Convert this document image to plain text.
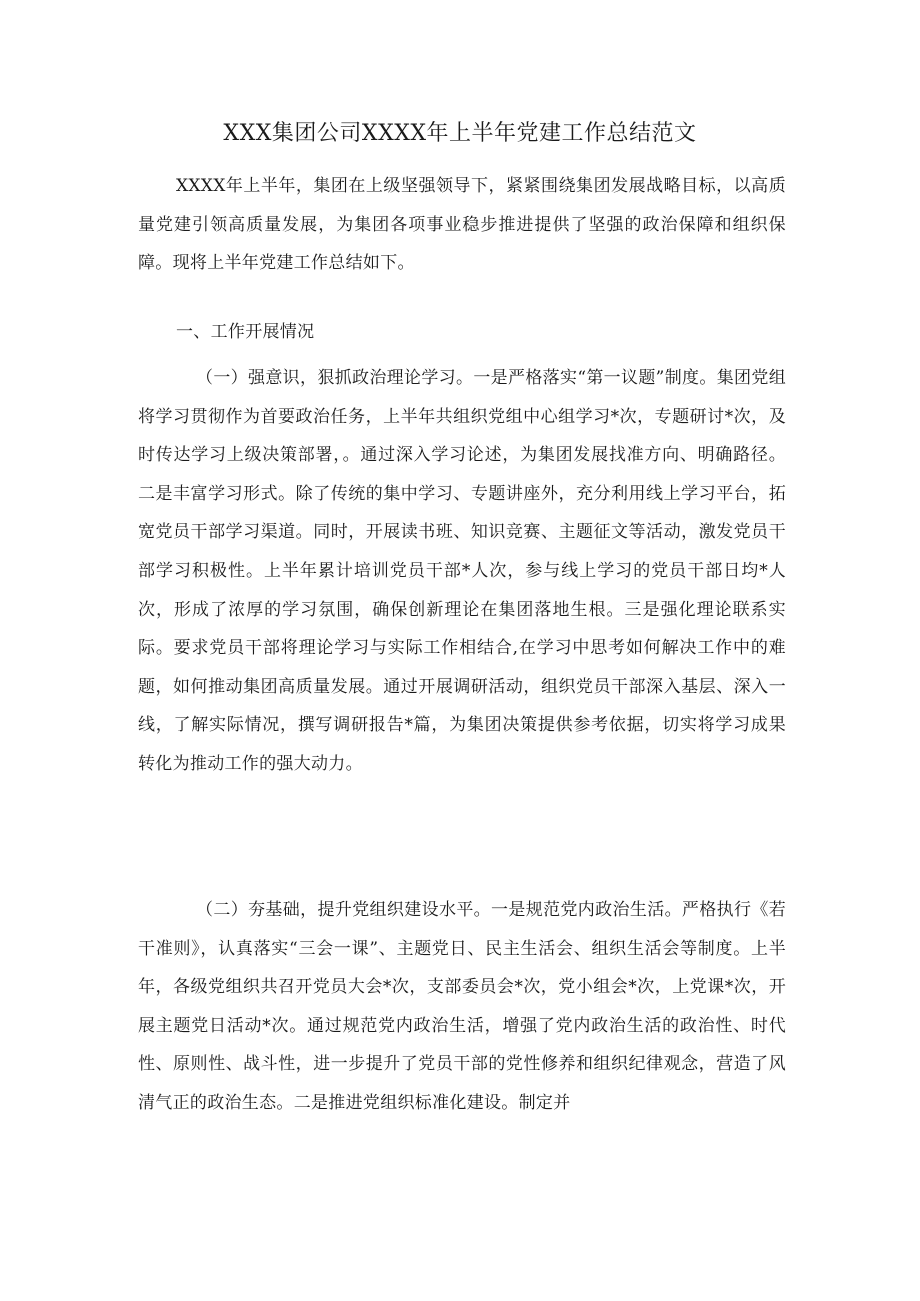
XXX集团公司XXXX年上半年党建工作总结范文

XXXX年上半年，集团在上级坚强领导下，紧紧围绕集团发展战略目标，以高质量党建引领高质量发展，为集团各项事业稳步推进提供了坚强的政治保障和组织保障。现将上半年党建工作总结如下。

一、工作开展情况

（一）强意识，狠抓政治理论学习。一是严格落实“第一议题”制度。集团党组将学习贯彻作为首要政治任务，上半年共组织党组中心组学习*次，专题研讨*次，及时传达学习上级决策部署，。通过深入学习论述，为集团发展找准方向、明确路径。二是丰富学习形式。除了传统的集中学习、专题讲座外，充分利用线上学习平台，拓宽党员干部学习渠道。同时，开展读书班、知识竞赛、主题征文等活动，激发党员干部学习积极性。上半年累计培训党员干部*人次，参与线上学习的党员干部日均*人次，形成了浓厚的学习氛围，确保创新理论在集团落地生根。三是强化理论联系实际。要求党员干部将理论学习与实际工作相结合,在学习中思考如何解决工作中的难题，如何推动集团高质量发展。通过开展调研活动，组织党员干部深入基层、深入一线，了解实际情况，撰写调研报告*篇，为集团决策提供参考依据，切实将学习成果转化为推动工作的强大动力。

（二）夯基础，提升党组织建设水平。一是规范党内政治生活。严格执行《若干准则》，认真落实“三会一课”、主题党日、民主生活会、组织生活会等制度。上半年，各级党组织共召开党员大会*次，支部委员会*次，党小组会*次，上党课*次，开展主题党日活动*次。通过规范党内政治生活，增强了党内政治生活的政治性、时代性、原则性、战斗性，进一步提升了党员干部的党性修养和组织纪律观念，营造了风清气正的政治生态。二是推进党组织标准化建设。制定并
